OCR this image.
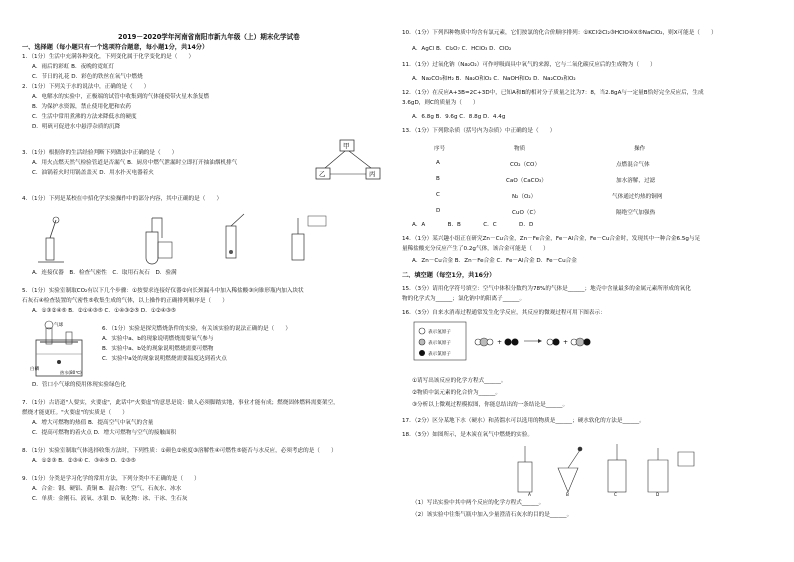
2019－2020学年河南省南阳市新九年级（上）期末化学试卷
一、选择题（每小题只有一个选项符合题意，每小题1分，共14分）
1．（1分）生活中充满各种变化，下列变化属于化学变化的是（　　）
A．雨后的彩虹 B．夜晚的霓虹灯
C．节日的礼花 D．彩色的铁丝在氧气中燃烧
2．（1分）下列关于水的说法中，正确的是（　　）
A．电解水的实验中，正极端的试管中收集到的气体能使带火星木条复燃
B．为保护水资源，禁止使用化肥和农药
C．生活中常用煮沸的方法来降低水的硬度
D．明矾可促进水中悬浮杂质的沉降
3．（1分）根据你的生活经验判断下列做法中正确的是（　　）
A．用火点燃天然气检验管道是否漏气 B．厨房中燃气泄漏时立即打开抽油烟机排气
C．油锅着火时用锅盖盖灭 D．用水扑灭电器着火
4．（1分）下列是某校在中招化学实验操作中的部分内容，其中正确的是（　　）
A．连接仪器　B．检查气密性　C．取用石灰石　D．验满
5．（1分）实验室制取CO₂有以下几个步骤：①按要求连接好仪器②向长颈漏斗中加入稀盐酸③向锥形瓶内加入块状
石灰石④检查装置的气密性⑤收集生成的气体，以上操作的正确排列顺序是（　　）
A．①③②④⑤ B．②①④③⑤ C．①④③②⑤ D．①②④③⑤
6．（1分）实验是探究燃烧条件的实验，有关该实验的说法正确的是（　　）
A．实验中a、b的现象说明燃烧需要氧气参与
B．实验中a、b处的现象说明燃烧需要可燃物
C．实验中a处的现象说明燃烧需要温度达到着火点
D．管口小气球的使用体现实验绿色化
7．（1分）古语道"人要实，火要虚"，此话中"火要虚"的意思是说：做人必须脚踏实地，事业才能有成；燃烧固体燃料需要架空，
燃烧才能更旺。"火要虚"的实质是（　　）
A．增大可燃物的热值 B．提高空气中氧气的含量
C．提高可燃物的着火点 D．增大可燃物与空气的接触面积
8．（1分）实验室制取气体选择收集方法时，下列性质：①颜色②密度③溶解性④可燃性⑤能否与水反应，必须考虑的是（　　）
A．①②③ B．②③④ C．③④⑤ D．②③⑤
9．（1分）分类是学习化学的常用方法，下列分类中不正确的是（　　）
A．合金：钢、硬铝、黄铜 B．混合物：空气、石灰水、冰水
C．单质：金刚石、液氧、水银 D．氧化物：冰、干冰、生石灰
甲
乙	丙
气球
白磷
热水(80℃)
10．（1分）下列四种物质中均含有氯元素，它们按氯的化合价顺序排列：①KCl②Cl₂③HClO④X⑤NaClO₂，则X可能是（　　）
A．AgCl B．Cl₂O₇ C．HClO₃ D．ClO₂
11．（1分）过氧化钠（Na₂O₂）可作呼吸面具中氧气的来源，它与二氧化碳反应后的生成物为（　　）
A．Na₂CO₃和H₂ B．Na₂O和O₂ C．NaOH和O₂ D．Na₂CO₃和O₂
12．（1分）在反应A+3B=2C+3D中，已知A和B的相对分子质量之比为7：8，当2.8gA与一定量B恰好完全反应后，生成
3.6gD，则C的质量为（　　）
A．6.8g B．9.6g C．8.8g D．4.4g
13．（1分）下列除杂质（括号内为杂质）中正确的是（　　）
序号	物质	操作
A	CO₂（CO）	点燃混合气体
B	CaO（CaCO₃）	加水溶解，过滤
C	N₂（O₂）	气体通过灼热的铜网
D	CuO（C）	隔绝空气加强热
A．A　　　　B．B　　　　C．C　　　　D．D
14．（1分）某兴趣小组正在研究Zn－Cu合金，Zn－Fe合金，Fe－Al合金，Fe－Cu合金时，发现其中一种合金6.5g与足
量稀盐酸充分反应产生了0.2g气体，该合金可能是（　　）
A．Zn－Cu合金 B．Zn－Fe合金 C．Fe－Al合金 D．Fe－Cu合金
二、填空题（每空1分，共16分）
15．（3分）请用化学符号填空：空气中体积分数约为78%的气体是______；地壳中含量最多的金属元素所形成的氧化
物的化学式为______；氯化钠中的阳离子______。
16．（3分）自来水消毒过程通常发生化学反应，其反应的微观过程可用下图表示：
①请写出该反应的化学方程式______。
②物质中氯元素的化合价为______。
③分析以上微观过程模拟图，你能总结出的一条结论是______。
17．（2分）区分某地下水（硬水）和蒸馏水可以选用的物质是______；硬水软化的方法是______。
18．（3分）如图所示，是木炭在氧气中燃烧的实验。
（1）写出实验中其中两个反应的化学方程式______。
（2）该实验中往集气瓶中加入少量澄清石灰水的目的是______。
表示氢原子
表示氧原子
表示氯原子
+	+
A	B	C	D
